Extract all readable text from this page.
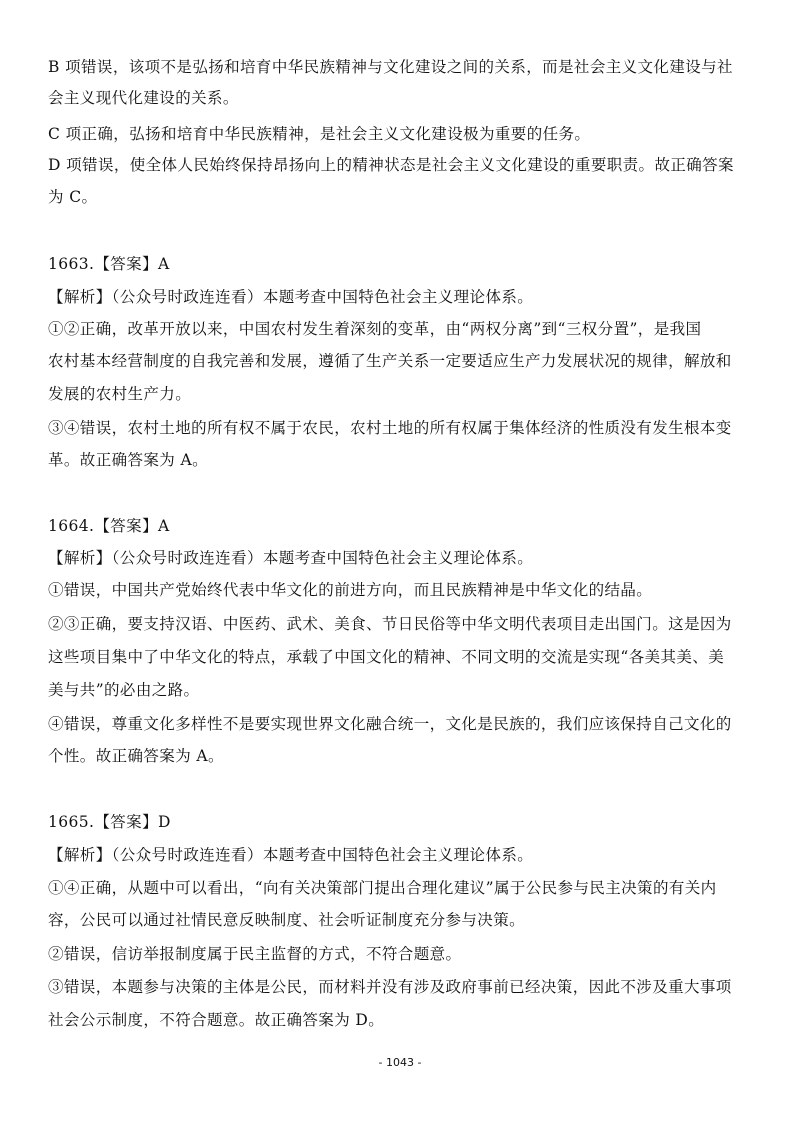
B 项错误，该项不是弘扬和培育中华民族精神与文化建设之间的关系，而是社会主义文化建设与社
会主义现代化建设的关系。
C 项正确，弘扬和培育中华民族精神，是社会主义文化建设极为重要的任务。
D 项错误，使全体人民始终保持昂扬向上的精神状态是社会主义文化建设的重要职责。故正确答案
为 C。
1663.【答案】A
【解析】（公众号时政连连看）本题考查中国特色社会主义理论体系。
①②正确，改革开放以来，中国农村发生着深刻的变革，由“两权分离”到“三权分置”，是我国
农村基本经营制度的自我完善和发展，遵循了生产关系一定要适应生产力发展状况的规律，解放和
发展的农村生产力。
③④错误，农村土地的所有权不属于农民，农村土地的所有权属于集体经济的性质没有发生根本变
革。故正确答案为 A。
1664.【答案】A
【解析】（公众号时政连连看）本题考查中国特色社会主义理论体系。
①错误，中国共产党始终代表中华文化的前进方向，而且民族精神是中华文化的结晶。
②③正确，要支持汉语、中医药、武术、美食、节日民俗等中华文明代表项目走出国门。这是因为
这些项目集中了中华文化的特点，承载了中国文化的精神、不同文明的交流是实现“各美其美、美
美与共”的必由之路。
④错误，尊重文化多样性不是要实现世界文化融合统一，文化是民族的，我们应该保持自己文化的
个性。故正确答案为 A。
1665.【答案】D
【解析】（公众号时政连连看）本题考查中国特色社会主义理论体系。
①④正确，从题中可以看出，“向有关决策部门提出合理化建议”属于公民参与民主决策的有关内
容，公民可以通过社情民意反映制度、社会听证制度充分参与决策。
②错误，信访举报制度属于民主监督的方式，不符合题意。
③错误，本题参与决策的主体是公民，而材料并没有涉及政府事前已经决策，因此不涉及重大事项
社会公示制度，不符合题意。故正确答案为 D。
- 1043 -
